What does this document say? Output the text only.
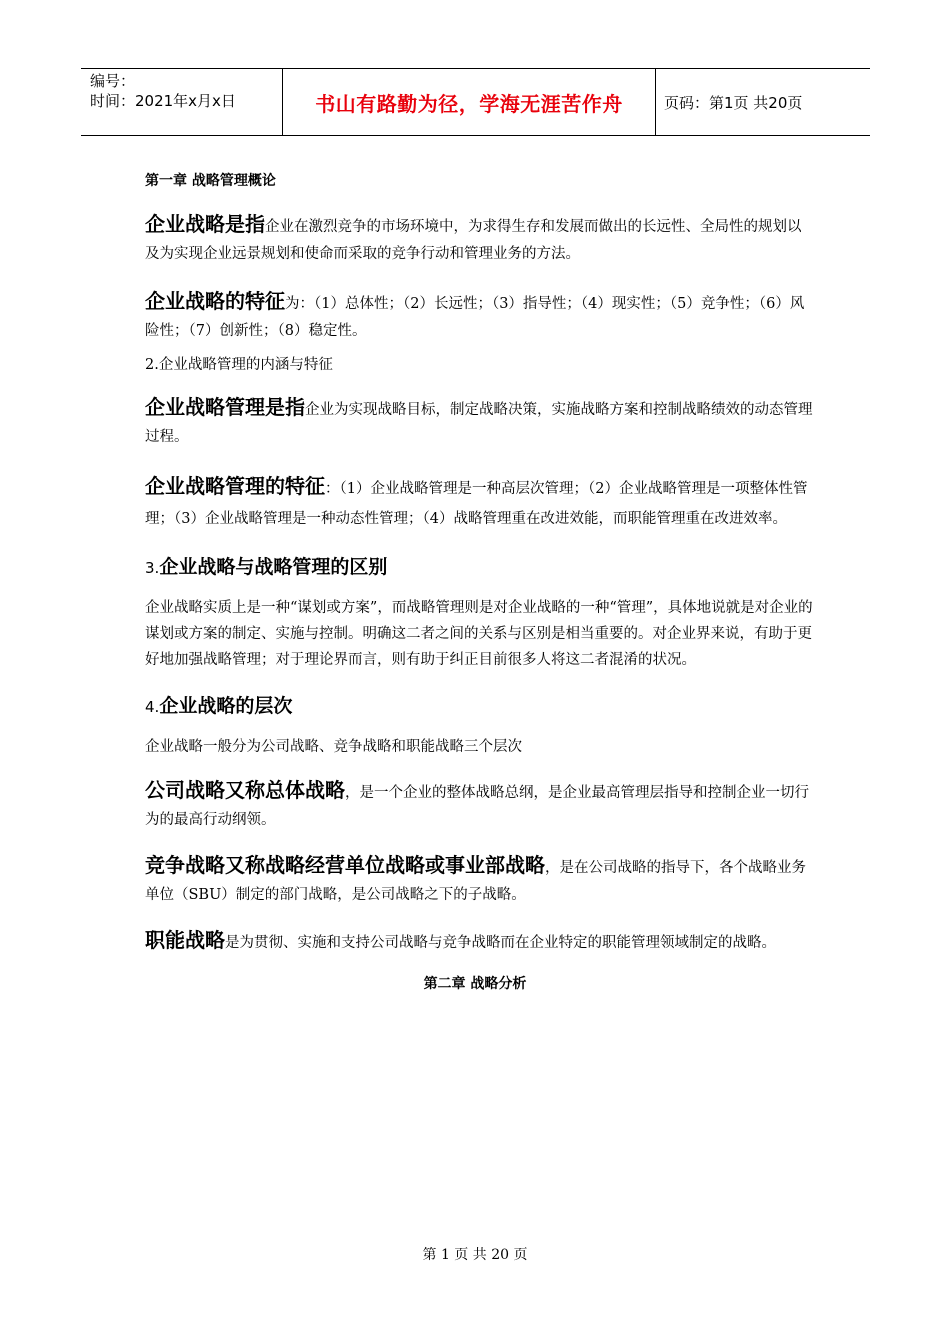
编号：
时间：2021年x月x日	书山有路勤为径，学海无涯苦作舟	页码：第1页 共20页

第一章 战略管理概论

企业战略是指企业在激烈竞争的市场环境中，为求得生存和发展而做出的长远性、全局性的规划以及为实现企业远景规划和使命而采取的竞争行动和管理业务的方法。

企业战略的特征为：（1）总体性；（2）长远性；（3）指导性；（4）现实性；（5）竞争性；（6）风险性；（7）创新性；（8）稳定性。

2.企业战略管理的内涵与特征

企业战略管理是指企业为实现战略目标，制定战略决策，实施战略方案和控制战略绩效的动态管理过程。

企业战略管理的特征：（1）企业战略管理是一种高层次管理；（2）企业战略管理是一项整体性管理；（3）企业战略管理是一种动态性管理；（4）战略管理重在改进效能，而职能管理重在改进效率。

3.企业战略与战略管理的区别

企业战略实质上是一种“谋划或方案”，而战略管理则是对企业战略的一种“管理”，具体地说就是对企业的谋划或方案的制定、实施与控制。明确这二者之间的关系与区别是相当重要的。对企业界来说，有助于更好地加强战略管理；对于理论界而言，则有助于纠正目前很多人将这二者混淆的状况。

4.企业战略的层次

企业战略一般分为公司战略、竞争战略和职能战略三个层次

公司战略又称总体战略，是一个企业的整体战略总纲，是企业最高管理层指导和控制企业一切行为的最高行动纲领。

竞争战略又称战略经营单位战略或事业部战略，是在公司战略的指导下，各个战略业务单位（SBU）制定的部门战略，是公司战略之下的子战略。

职能战略是为贯彻、实施和支持公司战略与竞争战略而在企业特定的职能管理领域制定的战略。

第二章 战略分析

第 1 页 共 20 页
